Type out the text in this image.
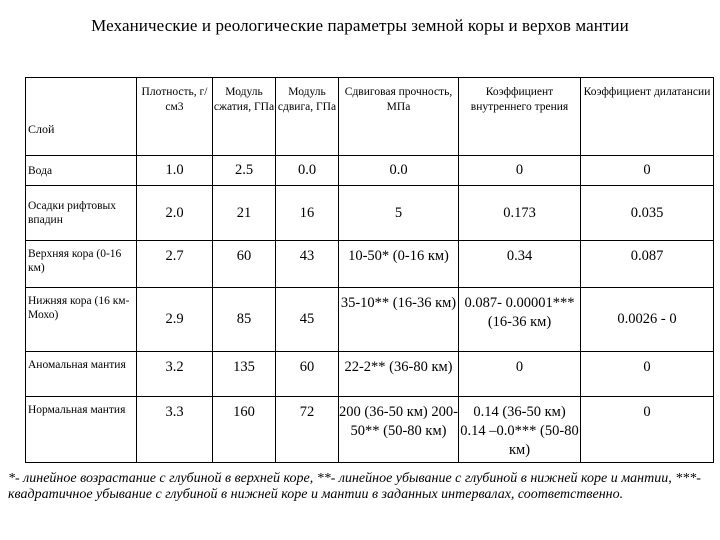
Механические и реологические параметры земной коры и верхов мантии
Слой	Плотность, г/см3	Модуль сжатия, ГПа	Модуль сдвига, ГПа	Сдвиговая прочность, МПа	Коэффициент внутреннего трения	Коэффициент дилатансии
Вода	1.0	2.5	0.0	0.0	0	0
Осадки рифтовых впадин	2.0	21	16	5	0.173	0.035
Верхняя кора (0-16 км)	2.7	60	43	10-50* (0-16 км)	0.34	0.087
Нижняя кора (16 км- Мохо)	2.9	85	45	35-10** (16-36 км)	0.087- 0.00001*** (16-36 км)	0.0026 - 0
Аномальная мантия	3.2	135	60	22-2** (36-80 км)	0	0
Нормальная мантия	3.3	160	72	200 (36-50 км) 200-50** (50-80 км)	0.14 (36-50 км) 0.14 –0.0*** (50-80 км)	0
*- линейное возрастание с глубиной в верхней коре, **- линейное убывание с глубиной в нижней коре и мантии, ***- квадратичное убывание с глубиной в нижней коре и мантии в заданных интервалах, соответственно.
